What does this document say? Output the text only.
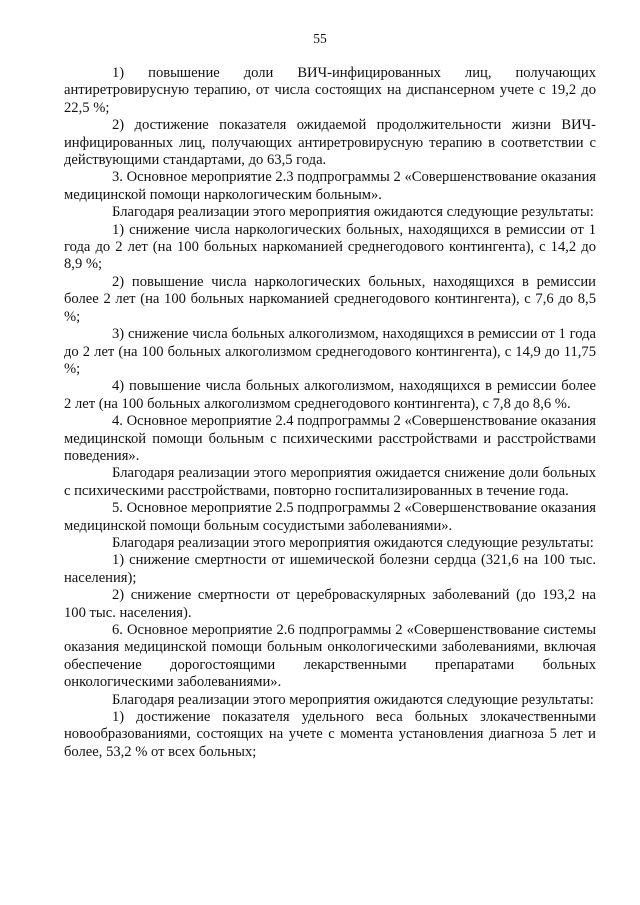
55

1) повышение доли ВИЧ-инфицированных лиц, получающих антиретровирусную терапию, от числа состоящих на диспансерном учете с 19,2 до 22,5 %;

2) достижение показателя ожидаемой продолжительности жизни ВИЧ-инфицированных лиц, получающих антиретровирусную терапию в соответствии с действующими стандартами, до 63,5 года.

3. Основное мероприятие 2.3 подпрограммы 2 «Совершенствование оказания медицинской помощи наркологическим больным».

Благодаря реализации этого мероприятия ожидаются следующие результаты:

1) снижение числа наркологических больных, находящихся в ремиссии от 1 года до 2 лет (на 100 больных наркоманией среднегодового контингента), с 14,2 до 8,9 %;

2) повышение числа наркологических больных, находящихся в ремиссии более 2 лет (на 100 больных наркоманией среднегодового контингента), с 7,6 до 8,5 %;

3) снижение числа больных алкоголизмом, находящихся в ремиссии от 1 года до 2 лет (на 100 больных алкоголизмом среднегодового контингента), с 14,9 до 11,75 %;

4) повышение числа больных алкоголизмом, находящихся в ремиссии более 2 лет (на 100 больных алкоголизмом среднегодового контингента), с 7,8 до 8,6 %.

4. Основное мероприятие 2.4 подпрограммы 2 «Совершенствование оказания медицинской помощи больным с психическими расстройствами и расстройствами поведения».

Благодаря реализации этого мероприятия ожидается снижение доли больных с психическими расстройствами, повторно госпитализированных в течение года.

5. Основное мероприятие 2.5 подпрограммы 2 «Совершенствование оказания медицинской помощи больным сосудистыми заболеваниями».

Благодаря реализации этого мероприятия ожидаются следующие результаты:

1) снижение смертности от ишемической болезни сердца (321,6 на 100 тыс. населения);

2) снижение смертности от цереброваскулярных заболеваний (до 193,2 на 100 тыс. населения).

6. Основное мероприятие 2.6 подпрограммы 2 «Совершенствование системы оказания медицинской помощи больным онкологическими заболеваниями, включая обеспечение дорогостоящими лекарственными препаратами больных онкологическими заболеваниями».

Благодаря реализации этого мероприятия ожидаются следующие результаты:

1) достижение показателя удельного веса больных злокачественными новообразованиями, состоящих на учете с момента установления диагноза 5 лет и более, 53,2 % от всех больных;
